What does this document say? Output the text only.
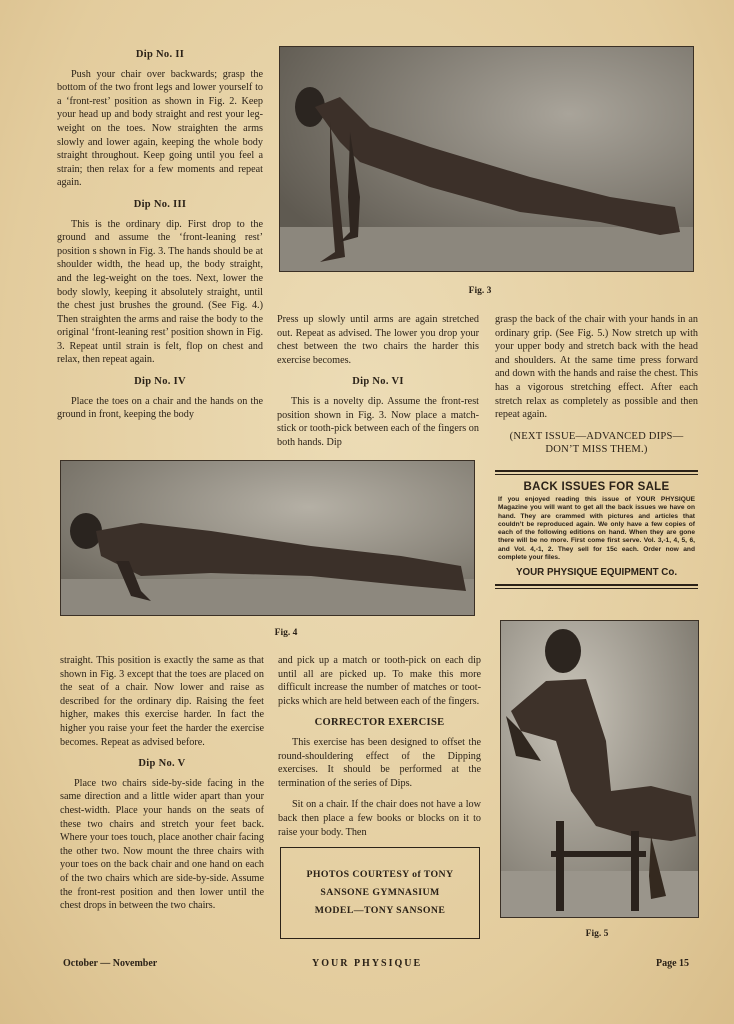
Dip No. II

Push your chair over backwards; grasp the bottom of the two front legs and lower yourself to a ‘front-rest’ position as shown in Fig. 2. Keep your head up and body straight and rest your leg-weight on the toes. Now straighten the arms slowly and lower again, keeping the whole body straight throughout. Keep going until you feel a strain; then relax for a few moments and repeat again.

Dip No. III

This is the ordinary dip. First drop to the ground and assume the ‘front-leaning rest’ position s shown in Fig. 3. The hands should be at shoulder width, the head up, the body straight, and the leg-weight on the toes. Next, lower the body slowly, keeping it absolutely straight, until the chest just brushes the ground. (See Fig. 4.) Then straighten the arms and raise the body to the original ‘front-leaning rest’ position shown in Fig. 3. Repeat until strain is felt, flop on chest and relax, then repeat again.

Dip No. IV

Place the toes on a chair and the hands on the ground in front, keeping the body

Fig. 3

Press up slowly until arms are again stretched out. Repeat as advised. The lower you drop your chest between the two chairs the harder this exercise becomes.

Dip No. VI

This is a novelty dip. Assume the front-rest position shown in Fig. 3. Now place a match-stick or tooth-pick between each of the fingers on both hands. Dip

grasp the back of the chair with your hands in an ordinary grip. (See Fig. 5.) Now stretch up with your upper body and stretch back with the head and shoulders. At the same time press forward and down with the hands and raise the chest. This has a vigorous stretching effect. After each stretch relax as completely as possible and then repeat again.

(NEXT ISSUE—ADVANCED DIPS— DON’T MISS THEM.)
BACK ISSUES FOR SALE
If you enjoyed reading this issue of YOUR PHYSIQUE Magazine you will want to get all the back issues we have on hand. They are crammed with pictures and articles that couldn’t be reproduced again. We only have a few copies of each of the following editions on hand. When they are gone there will be no more. First come first serve. Vol. 3,-1, 4, 5, 6, and Vol. 4,-1, 2. They sell for 15c each. Order now and complete your files.
YOUR PHYSIQUE EQUIPMENT Co.
Fig. 4

straight. This position is exactly the same as that shown in Fig. 3 except that the toes are placed on the seat of a chair. Now lower and raise as described for the ordinary dip. Raising the feet higher, makes this exercise harder. In fact the higher you raise your feet the harder the exercise becomes. Repeat as advised before.

Dip No. V

Place two chairs side-by-side facing in the same direction and a little wider apart than your chest-width. Place your hands on the seats of these two chairs and stretch your feet back. Where your toes touch, place another chair facing the other two. Now mount the three chairs with your toes on the back chair and one hand on each of the two chairs which are side-by-side. Assume the front-rest position and then lower until the chest drops in between the two chairs.

and pick up a match or tooth-pick on each dip until all are picked up. To make this more difficult increase the number of matches or toot-picks which are held between each of the fingers.

CORRECTOR EXERCISE

This exercise has been designed to offset the round-shouldering effect of the Dipping exercises. It should be performed at the termination of the series of Dips.

Sit on a chair. If the chair does not have a low back then place a few books or blocks on it to raise your body. Then

PHOTOS COURTESY of TONY
SANSONE GYMNASIUM
MODEL—TONY SANSONE
Fig. 5
October — November	YOUR PHYSIQUE	Page 15
